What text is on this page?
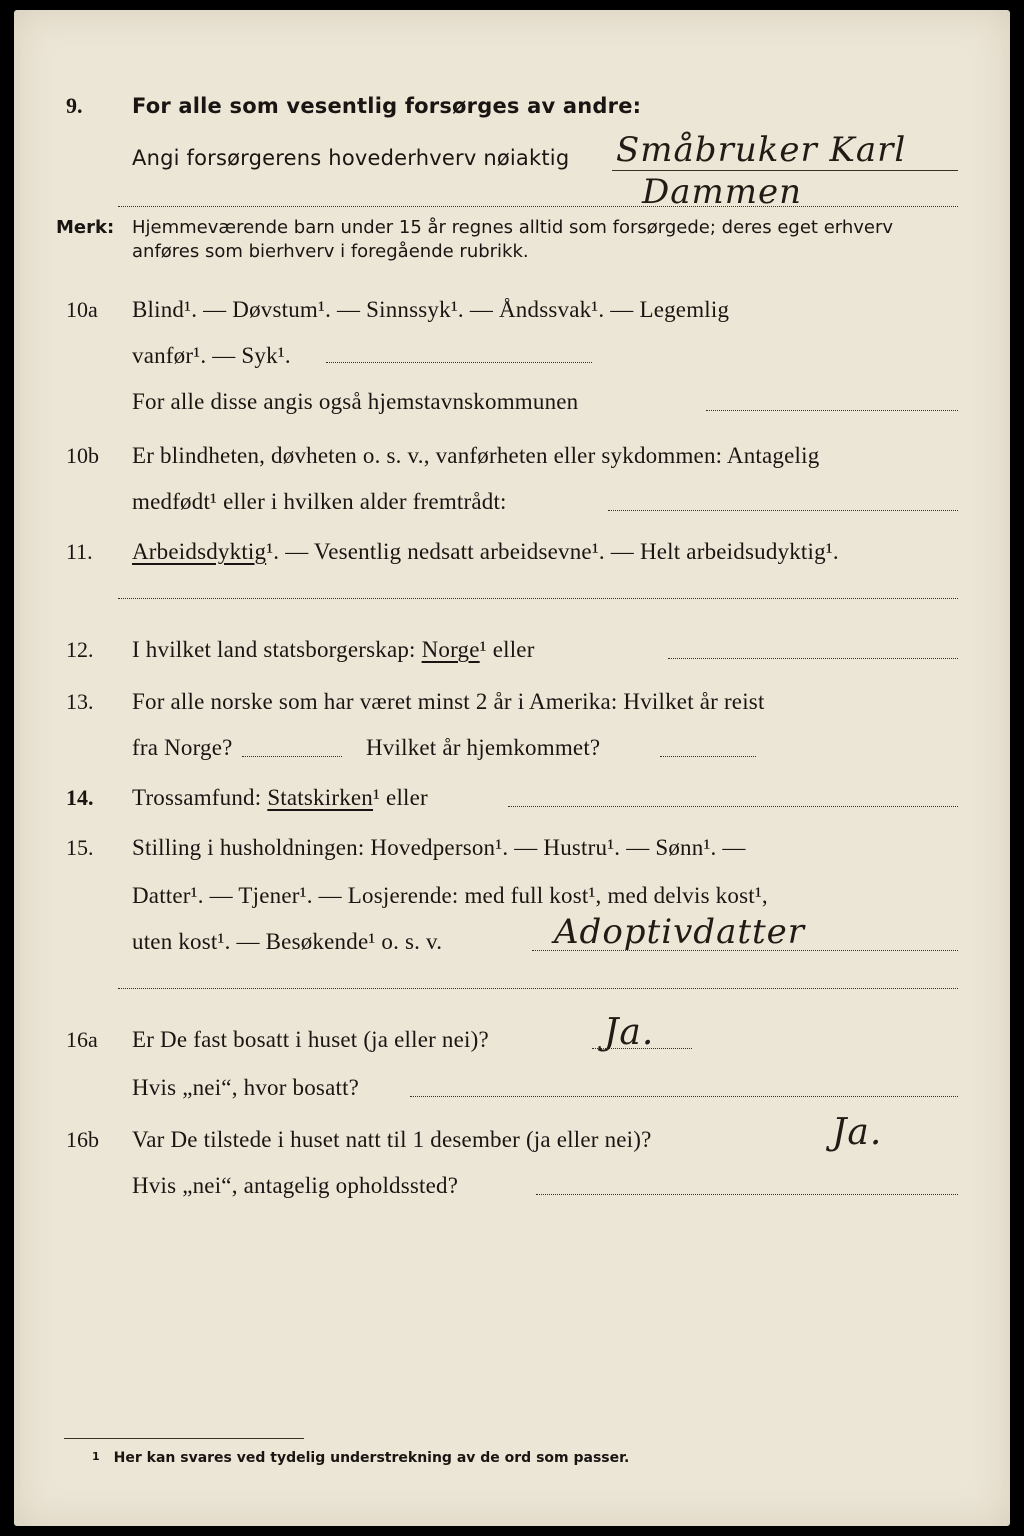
9. For alle som vesentlig forsørges av andre:
Angi forsørgerens hovederhverv nøiaktig	Småbruker Karl
Dammen
Merk: Hjemmeværende barn under 15 år regnes alltid som forsørgede; deres eget erhverv
anføres som bierhverv i foregående rubrikk.
10a Blind¹. — Døvstum¹. — Sinnssyk¹. — Åndssvak¹. — Legemlig
vanfør¹. — Syk¹.
For alle disse angis også hjemstavnskommunen
10b Er blindheten, døvheten o. s. v., vanførheten eller sykdommen: Antagelig
medfødt¹ eller i hvilken alder fremtrådt:
11. Arbeidsdyktig¹. — Vesentlig nedsatt arbeidsevne¹. — Helt arbeidsudyktig¹.
12. I hvilket land statsborgerskap: Norge¹ eller
13. For alle norske som har været minst 2 år i Amerika: Hvilket år reist
fra Norge?	Hvilket år hjemkommet?
14. Trossamfund: Statskirken¹ eller
15. Stilling i husholdningen: Hovedperson¹. — Hustru¹. — Sønn¹. —
Datter¹. — Tjener¹. — Losjerende: med full kost¹, med delvis kost¹,
uten kost¹. — Besøkende¹ o. s. v.	Adoptivdatter
16a Er De fast bosatt i huset (ja eller nei)?	Ja.
Hvis „nei“, hvor bosatt?
16b Var De tilstede i huset natt til 1 desember (ja eller nei)?	Ja.
Hvis „nei“, antagelig opholdssted?
$^1$ Her kan svares ved tydelig understrekning av de ord som passer.
